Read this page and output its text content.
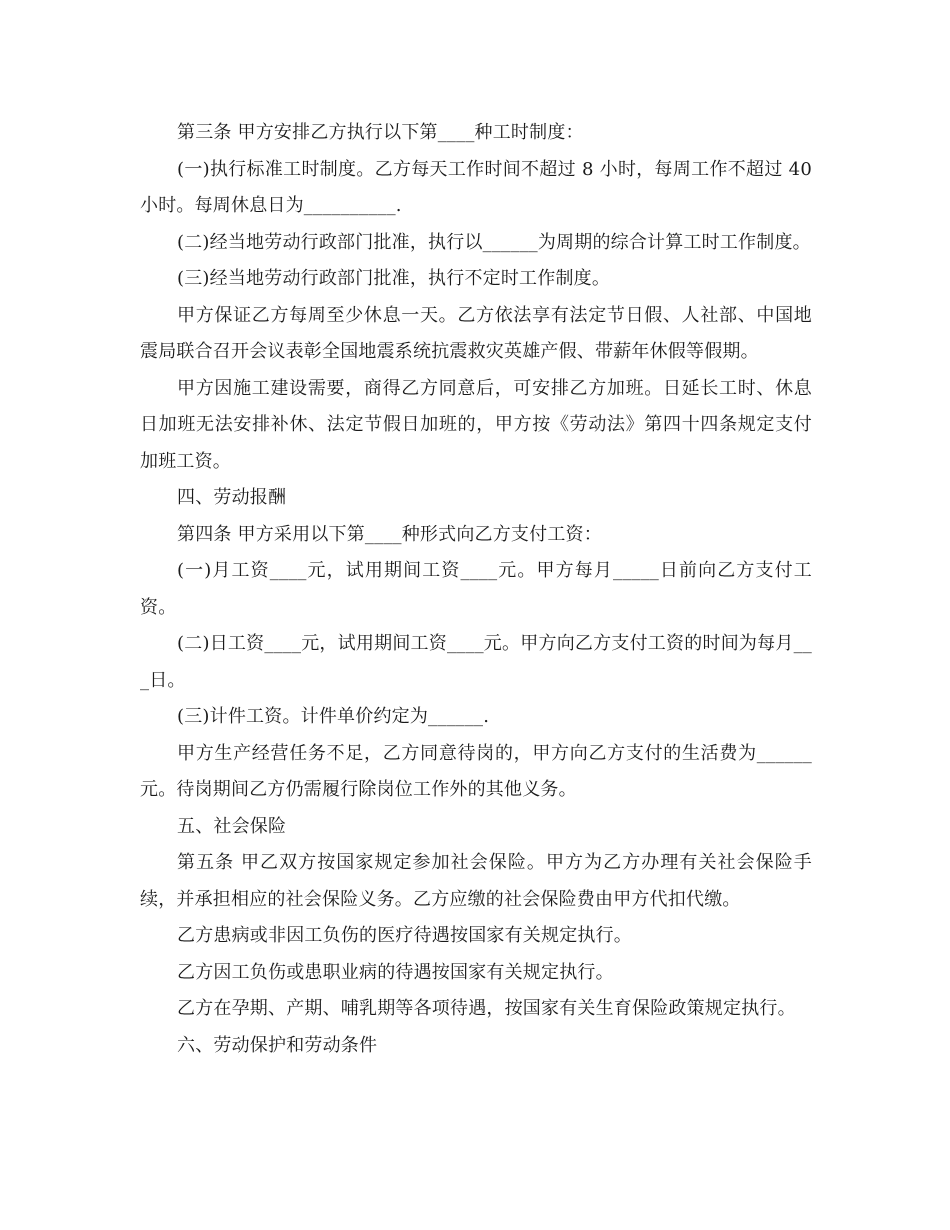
第三条 甲方安排乙方执行以下第____种工时制度：

(一)执行标准工时制度。乙方每天工作时间不超过 8 小时，每周工作不超过 40 小时。每周休息日为__________.

(二)经当地劳动行政部门批准，执行以______为周期的综合计算工时工作制度。

(三)经当地劳动行政部门批准，执行不定时工作制度。

甲方保证乙方每周至少休息一天。乙方依法享有法定节日假、人社部、中国地震局联合召开会议表彰全国地震系统抗震救灾英雄产假、带薪年休假等假期。

甲方因施工建设需要，商得乙方同意后，可安排乙方加班。日延长工时、休息日加班无法安排补休、法定节假日加班的，甲方按《劳动法》第四十四条规定支付加班工资。

四、劳动报酬

第四条 甲方采用以下第____种形式向乙方支付工资：

(一)月工资____元，试用期间工资____元。甲方每月_____日前向乙方支付工资。

(二)日工资____元，试用期间工资____元。甲方向乙方支付工资的时间为每月___日。

(三)计件工资。计件单价约定为______.

甲方生产经营任务不足，乙方同意待岗的，甲方向乙方支付的生活费为______元。待岗期间乙方仍需履行除岗位工作外的其他义务。

五、社会保险

第五条 甲乙双方按国家规定参加社会保险。甲方为乙方办理有关社会保险手续，并承担相应的社会保险义务。乙方应缴的社会保险费由甲方代扣代缴。

乙方患病或非因工负伤的医疗待遇按国家有关规定执行。

乙方因工负伤或患职业病的待遇按国家有关规定执行。

乙方在孕期、产期、哺乳期等各项待遇，按国家有关生育保险政策规定执行。

六、劳动保护和劳动条件
